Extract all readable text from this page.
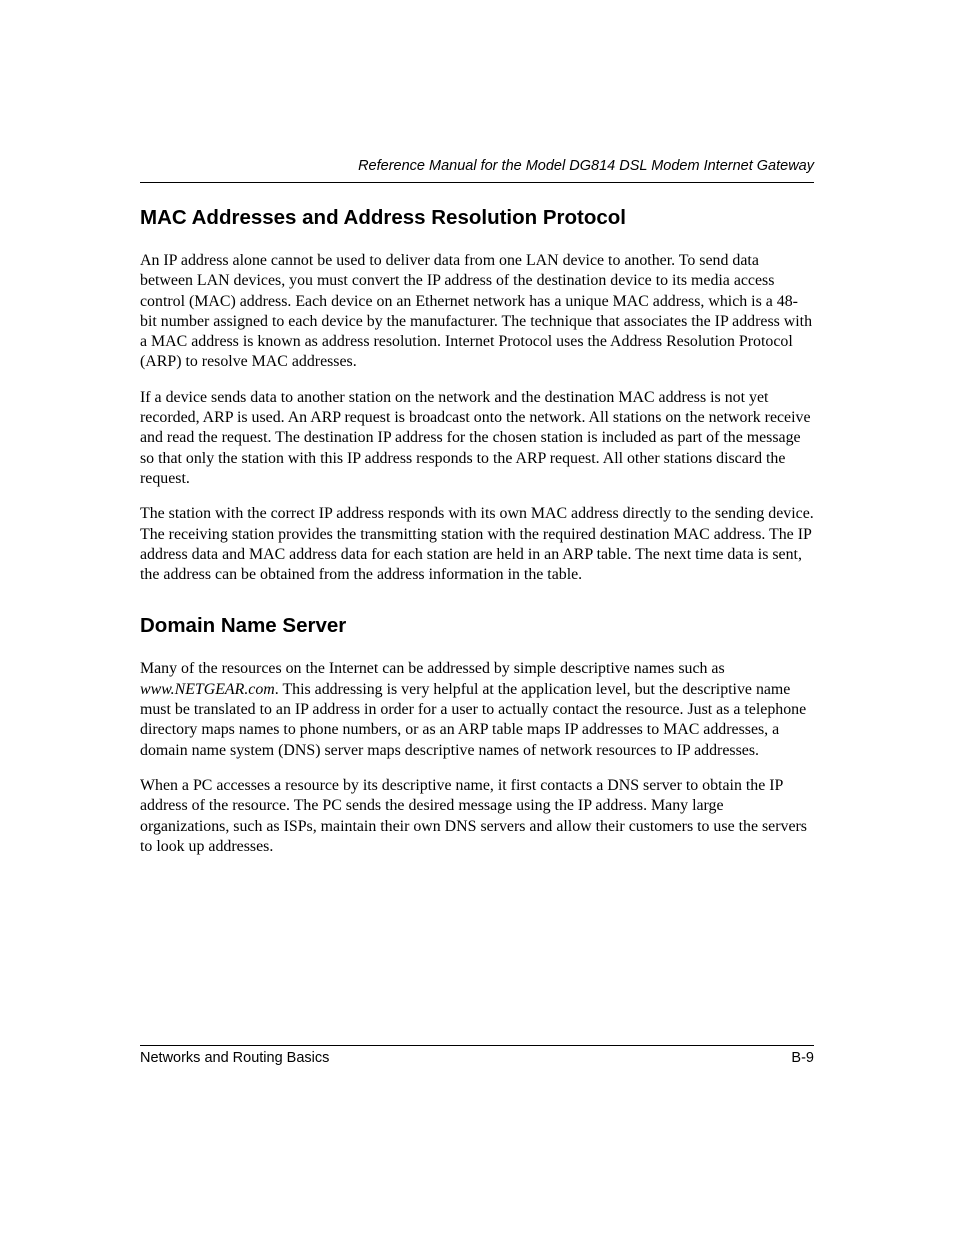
Reference Manual for the Model DG814 DSL Modem Internet Gateway
MAC Addresses and Address Resolution Protocol

An IP address alone cannot be used to deliver data from one LAN device to another. To send data between LAN devices, you must convert the IP address of the destination device to its media access control (MAC) address. Each device on an Ethernet network has a unique MAC address, which is a 48-bit number assigned to each device by the manufacturer. The technique that associates the IP address with a MAC address is known as address resolution. Internet Protocol uses the Address Resolution Protocol (ARP) to resolve MAC addresses.

If a device sends data to another station on the network and the destination MAC address is not yet recorded, ARP is used. An ARP request is broadcast onto the network. All stations on the network receive and read the request. The destination IP address for the chosen station is included as part of the message so that only the station with this IP address responds to the ARP request. All other stations discard the request.

The station with the correct IP address responds with its own MAC address directly to the sending device. The receiving station provides the transmitting station with the required destination MAC address. The IP address data and MAC address data for each station are held in an ARP table. The next time data is sent, the address can be obtained from the address information in the table.

Domain Name Server

Many of the resources on the Internet can be addressed by simple descriptive names such as www.NETGEAR.com. This addressing is very helpful at the application level, but the descriptive name must be translated to an IP address in order for a user to actually contact the resource. Just as a telephone directory maps names to phone numbers, or as an ARP table maps IP addresses to MAC addresses, a domain name system (DNS) server maps descriptive names of network resources to IP addresses.

When a PC accesses a resource by its descriptive name, it first contacts a DNS server to obtain the IP address of the resource. The PC sends the desired message using the IP address. Many large organizations, such as ISPs, maintain their own DNS servers and allow their customers to use the servers to look up addresses.

Networks and Routing Basics	B-9
